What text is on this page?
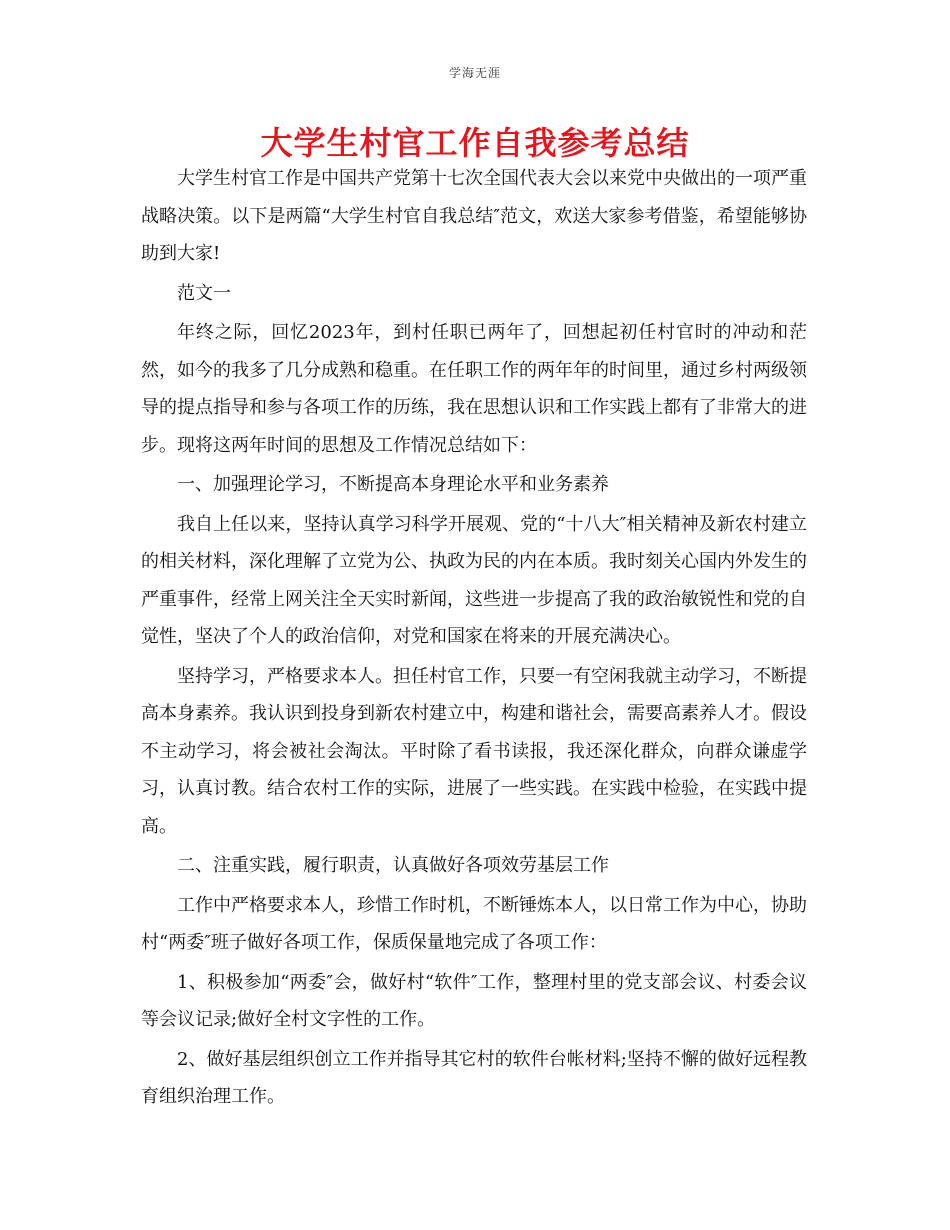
学海无涯
大学生村官工作自我参考总结

大学生村官工作是中国共产党第十七次全国代表大会以来党中央做出的一项严重战略决策。以下是两篇“大学生村官自我总结″范文，欢送大家参考借鉴，希望能够协助到大家!

范文一

年终之际，回忆2023年，到村任职已两年了，回想起初任村官时的冲动和茫然，如今的我多了几分成熟和稳重。在任职工作的两年年的时间里，通过乡村两级领导的提点指导和参与各项工作的历练，我在思想认识和工作实践上都有了非常大的进步。现将这两年时间的思想及工作情况总结如下：

一、加强理论学习，不断提高本身理论水平和业务素养

我自上任以来，坚持认真学习科学开展观、党的“十八大″相关精神及新农村建立的相关材料，深化理解了立党为公、执政为民的内在本质。我时刻关心国内外发生的严重事件，经常上网关注全天实时新闻，这些进一步提高了我的政治敏锐性和党的自觉性，坚决了个人的政治信仰，对党和国家在将来的开展充满决心。

坚持学习，严格要求本人。担任村官工作，只要一有空闲我就主动学习，不断提高本身素养。我认识到投身到新农村建立中，构建和谐社会，需要高素养人才。假设不主动学习，将会被社会淘汰。平时除了看书读报，我还深化群众，向群众谦虚学习，认真讨教。结合农村工作的实际，进展了一些实践。在实践中检验，在实践中提高。

二、注重实践，履行职责，认真做好各项效劳基层工作

工作中严格要求本人，珍惜工作时机，不断锤炼本人，以日常工作为中心，协助村“两委″班子做好各项工作，保质保量地完成了各项工作：

1、积极参加“两委″会，做好村“软件″工作，整理村里的党支部会议、村委会议等会议记录;做好全村文字性的工作。

2、做好基层组织创立工作并指导其它村的软件台帐材料;坚持不懈的做好远程教育组织治理工作。
